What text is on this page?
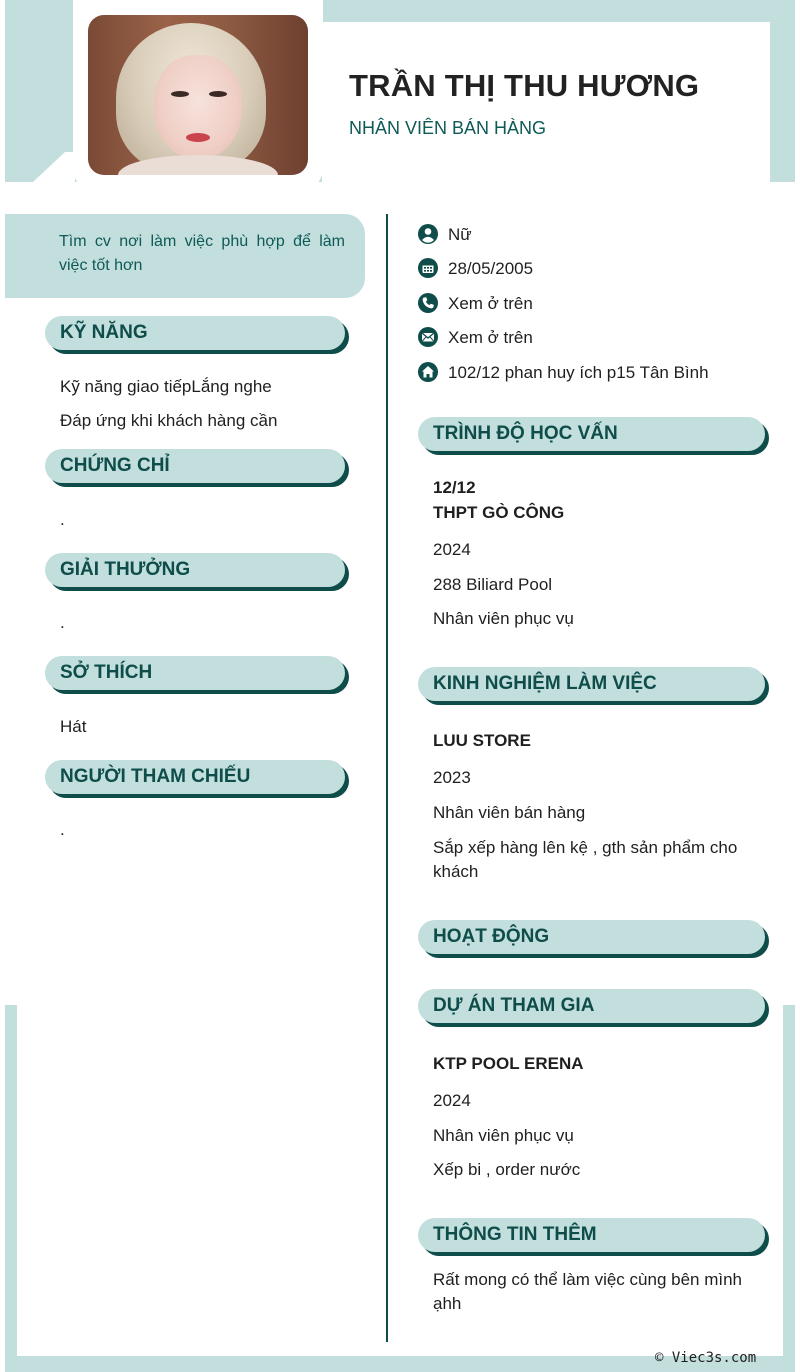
TRẦN THỊ THU HƯƠNG
NHÂN VIÊN BÁN HÀNG

Tìm cv nơi làm việc phù hợp để làm việc tốt hơn

KỸ NĂNG
Kỹ năng giao tiếpLắng nghe
Đáp ứng khi khách hàng cần
CHỨNG CHỈ
.
GIẢI THƯỞNG
.
SỞ THÍCH
Hát
NGƯỜI THAM CHIẾU
.
Nữ
28/05/2005
Xem ở trên
Xem ở trên
102/12 phan huy ích p15 Tân Bình
TRÌNH ĐỘ HỌC VẤN
12/12
THPT GÒ CÔNG
2024
288 Biliard Pool
Nhân viên phục vụ
KINH NGHIỆM LÀM VIỆC
LUU STORE
2023
Nhân viên bán hàng
Sắp xếp hàng lên kệ , gth sản phẩm cho khách
HOẠT ĐỘNG
DỰ ÁN THAM GIA
KTP POOL ERENA
2024
Nhân viên phục vụ
Xếp bi , order nước
THÔNG TIN THÊM
Rất mong có thể làm việc cùng bên mình ạhh
© Viec3s.com
